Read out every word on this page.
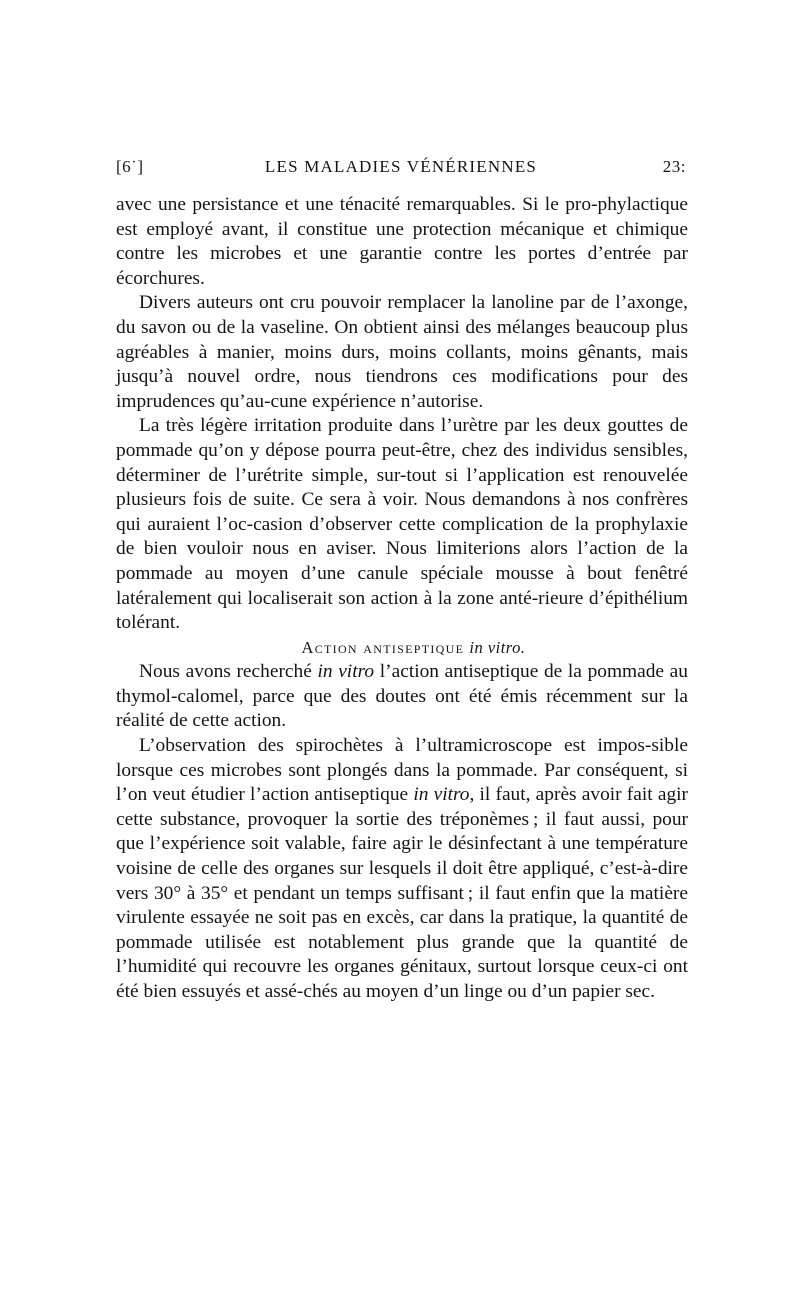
[6˙]	LES MALADIES VÉNÉRIENNES	23:

avec une persistance et une ténacité remarquables. Si le pro-phylactique est employé avant, il constitue une protection mécanique et chimique contre les microbes et une garantie contre les portes d’entrée par écorchures.

Divers auteurs ont cru pouvoir remplacer la lanoline par de l’axonge, du savon ou de la vaseline. On obtient ainsi des mélanges beaucoup plus agréables à manier, moins durs, moins collants, moins gênants, mais jusqu’à nouvel ordre, nous tiendrons ces modifications pour des imprudences qu’au-cune expérience n’autorise.

La très légère irritation produite dans l’urètre par les deux gouttes de pommade qu’on y dépose pourra peut-être, chez des individus sensibles, déterminer de l’urétrite simple, sur-tout si l’application est renouvelée plusieurs fois de suite. Ce sera à voir. Nous demandons à nos confrères qui auraient l’oc-casion d’observer cette complication de la prophylaxie de bien vouloir nous en aviser. Nous limiterions alors l’action de la pommade au moyen d’une canule spéciale mousse à bout fenêtré latéralement qui localiserait son action à la zone anté-rieure d’épithélium tolérant.

Action antiseptique in vitro.

Nous avons recherché in vitro l’action antiseptique de la pommade au thymol-calomel, parce que des doutes ont été émis récemment sur la réalité de cette action.

L’observation des spirochètes à l’ultramicroscope est impos-sible lorsque ces microbes sont plongés dans la pommade. Par conséquent, si l’on veut étudier l’action antiseptique in vitro, il faut, après avoir fait agir cette substance, provoquer la sortie des tréponèmes ; il faut aussi, pour que l’expérience soit valable, faire agir le désinfectant à une température voisine de celle des organes sur lesquels il doit être appliqué, c’est-à-dire vers 30° à 35° et pendant un temps suffisant ; il faut enfin que la matière virulente essayée ne soit pas en excès, car dans la pratique, la quantité de pommade utilisée est notablement plus grande que la quantité de l’humidité qui recouvre les organes génitaux, surtout lorsque ceux-ci ont été bien essuyés et assé-chés au moyen d’un linge ou d’un papier sec.
